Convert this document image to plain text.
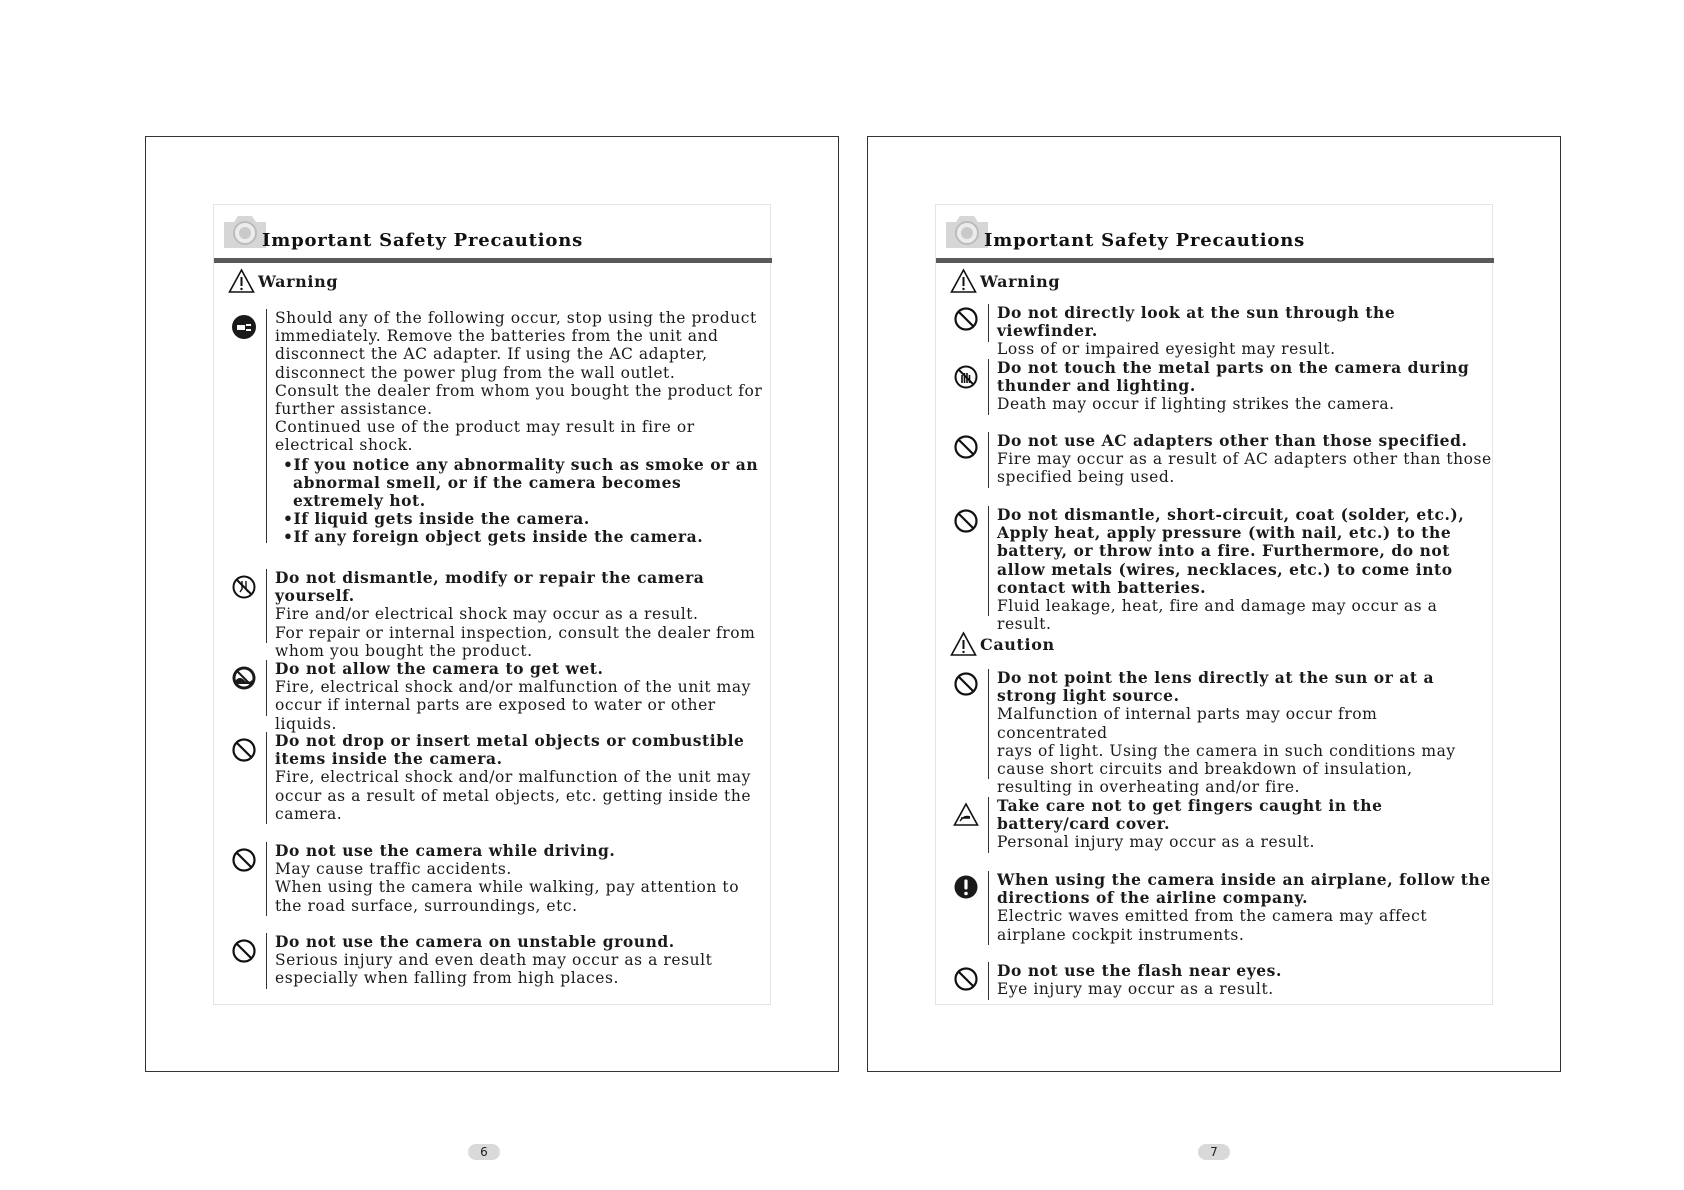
Important Safety Precautions
Warning
Should any of the following occur, stop using the product
immediately. Remove the batteries from the unit and
disconnect the AC adapter. If using the AC adapter,
disconnect the power plug from the wall outlet.
Consult the dealer from whom you bought the product for
further assistance.
Continued use of the product may result in fire or
electrical shock.
•If you notice any abnormality such as smoke or an abnormal smell, or if the camera becomes extremely hot.
•If liquid gets inside the camera.
•If any foreign object gets inside the camera.
Do not dismantle, modify or repair the camera yourself.
Fire and/or electrical shock may occur as a result.
For repair or internal inspection, consult the dealer from
whom you bought the product.
Do not allow the camera to get wet.
Fire, electrical shock and/or malfunction of the unit may
occur if internal parts are exposed to water or other liquids.
Do not drop or insert metal objects or combustible items inside the camera.
Fire, electrical shock and/or malfunction of the unit may
occur as a result of metal objects, etc. getting inside the
camera.
Do not use the camera while driving.
May cause traffic accidents.
When using the camera while walking, pay attention to
the road surface, surroundings, etc.
Do not use the camera on unstable ground.
Serious injury and even death may occur as a result
especially when falling from high places.
6
Important Safety Precautions
Warning
Do not directly look at the sun through the viewfinder.
Loss of or impaired eyesight may result.
Do not touch the metal parts on the camera during thunder and lighting.
Death may occur if lighting strikes the camera.
Do not use AC adapters other than those specified.
Fire may occur as a result of AC adapters other than those
specified being used.
Do not dismantle, short-circuit, coat (solder, etc.), Apply heat, apply pressure (with nail, etc.) to the battery, or throw into a fire. Furthermore, do not allow metals (wires, necklaces, etc.) to come into contact with batteries.
Fluid leakage, heat, fire and damage may occur as a result.
Caution
Do not point the lens directly at the sun or at a strong light source.
Malfunction of internal parts may occur from concentrated
rays of light. Using the camera in such conditions may
cause short circuits and breakdown of insulation,
resulting in overheating and/or fire.
Take care not to get fingers caught in the battery/card cover.
Personal injury may occur as a result.
When using the camera inside an airplane, follow the directions of the airline company.
Electric waves emitted from the camera may affect
airplane cockpit instruments.
Do not use the flash near eyes.
Eye injury may occur as a result.
7
